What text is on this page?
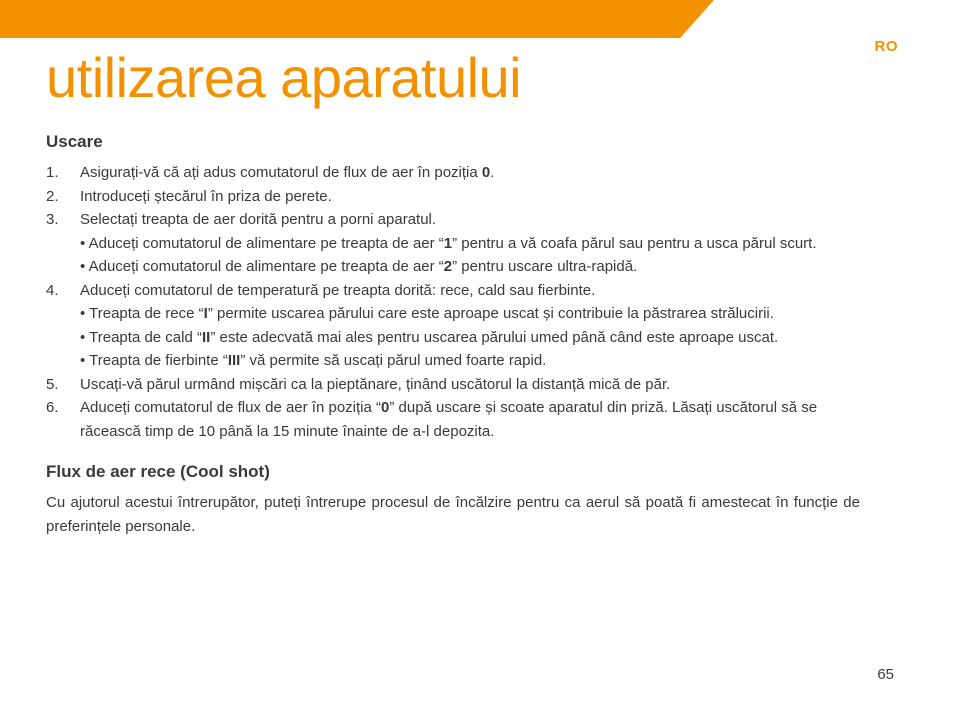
RO
utilizarea aparatului
Uscare
1. Asigurați-vă că ați adus comutatorul de flux de aer în poziția 0.
2. Introduceți ștecărul în priza de perete.
3. Selectați treapta de aer dorită pentru a porni aparatul.
• Aduceți comutatorul de alimentare pe treapta de aer “1” pentru a vă coafa părul sau pentru a usca părul scurt.
• Aduceți comutatorul de alimentare pe treapta de aer “2” pentru uscare ultra-rapidă.
4. Aduceți comutatorul de temperatură pe treapta dorită: rece, cald sau fierbinte.
• Treapta de rece “I” permite uscarea părului care este aproape uscat și contribuie la păstrarea strălucirii.
• Treapta de cald “II” este adecvată mai ales pentru uscarea părului umed până când este aproape uscat.
• Treapta de fierbinte “III” vă permite să uscați părul umed foarte rapid.
5. Uscați-vă părul urmând mișcări ca la pieptănare, ținând uscătorul la distanță mică de păr.
6. Aduceți comutatorul de flux de aer în poziția “0” după uscare și scoate aparatul din priză. Lăsați uscătorul să se răcească timp de 10 până la 15 minute înainte de a-l depozita.
Flux de aer rece (Cool shot)

Cu ajutorul acestui întrerupător, puteți întrerupe procesul de încălzire pentru ca aerul să poată fi amestecat în funcție de preferințele personale.

65
